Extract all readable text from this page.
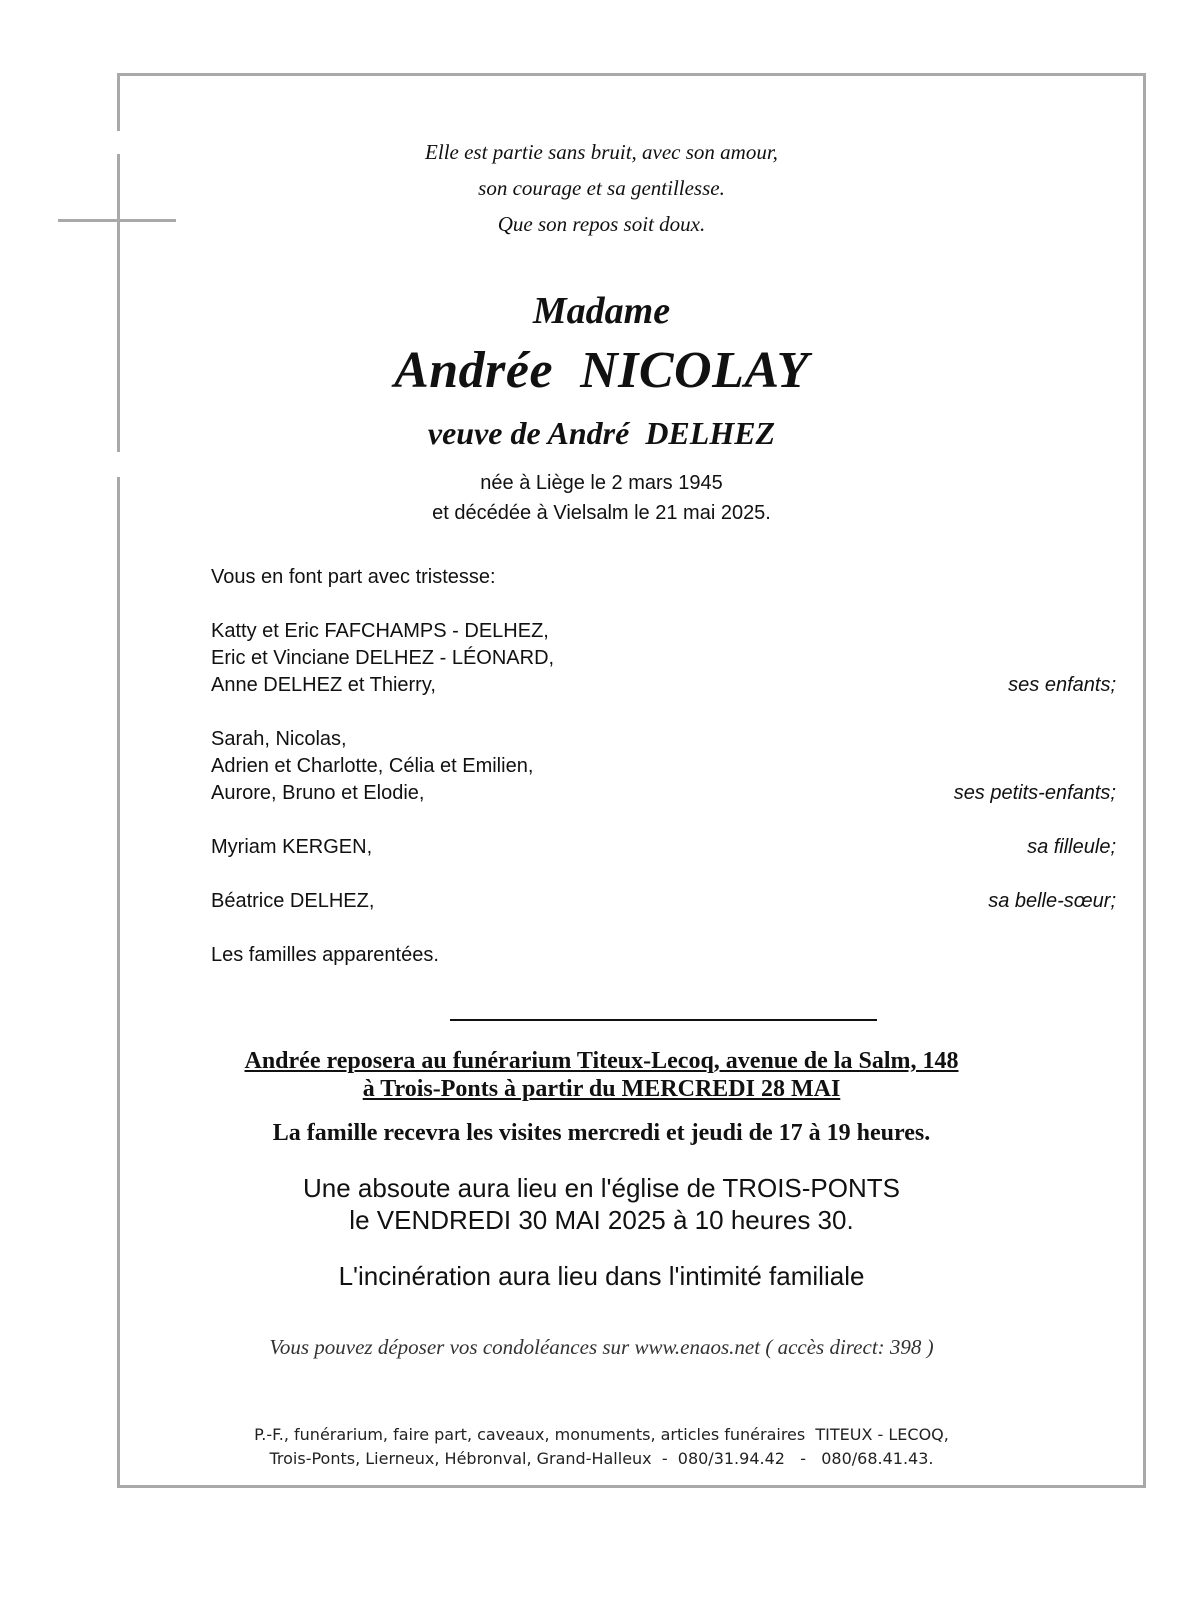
Elle est partie sans bruit, avec son amour,
son courage et sa gentillesse.
Que son repos soit doux.
Madame
Andrée  NICOLAY
veuve de André  DELHEZ
née à Liège le 2 mars 1945
et décédée à Vielsalm le 21 mai 2025.
Vous en font part avec tristesse:
Katty et Eric FAFCHAMPS - DELHEZ,
Eric et Vinciane DELHEZ - LÉONARD,
Anne DELHEZ et Thierry,	ses enfants;
Sarah, Nicolas,
Adrien et Charlotte, Célia et Emilien,
Aurore, Bruno et Elodie,	ses petits-enfants;
Myriam KERGEN,	sa filleule;
Béatrice DELHEZ,	sa belle-sœur;
Les familles apparentées.
Andrée reposera au funérarium Titeux-Lecoq, avenue de la Salm, 148
à Trois-Ponts à partir du MERCREDI 28 MAI
La famille recevra les visites mercredi et jeudi de 17 à 19 heures.
Une absoute aura lieu en l'église de TROIS-PONTS
le VENDREDI 30 MAI 2025 à 10 heures 30.
L'incinération aura lieu dans l'intimité familiale
Vous pouvez déposer vos condoléances sur www.enaos.net ( accès direct: 398 )
P.-F., funérarium, faire part, caveaux, monuments, articles funéraires  TITEUX - LECOQ,
Trois-Ponts, Lierneux, Hébronval, Grand-Halleux  -  080/31.94.42   -   080/68.41.43.
